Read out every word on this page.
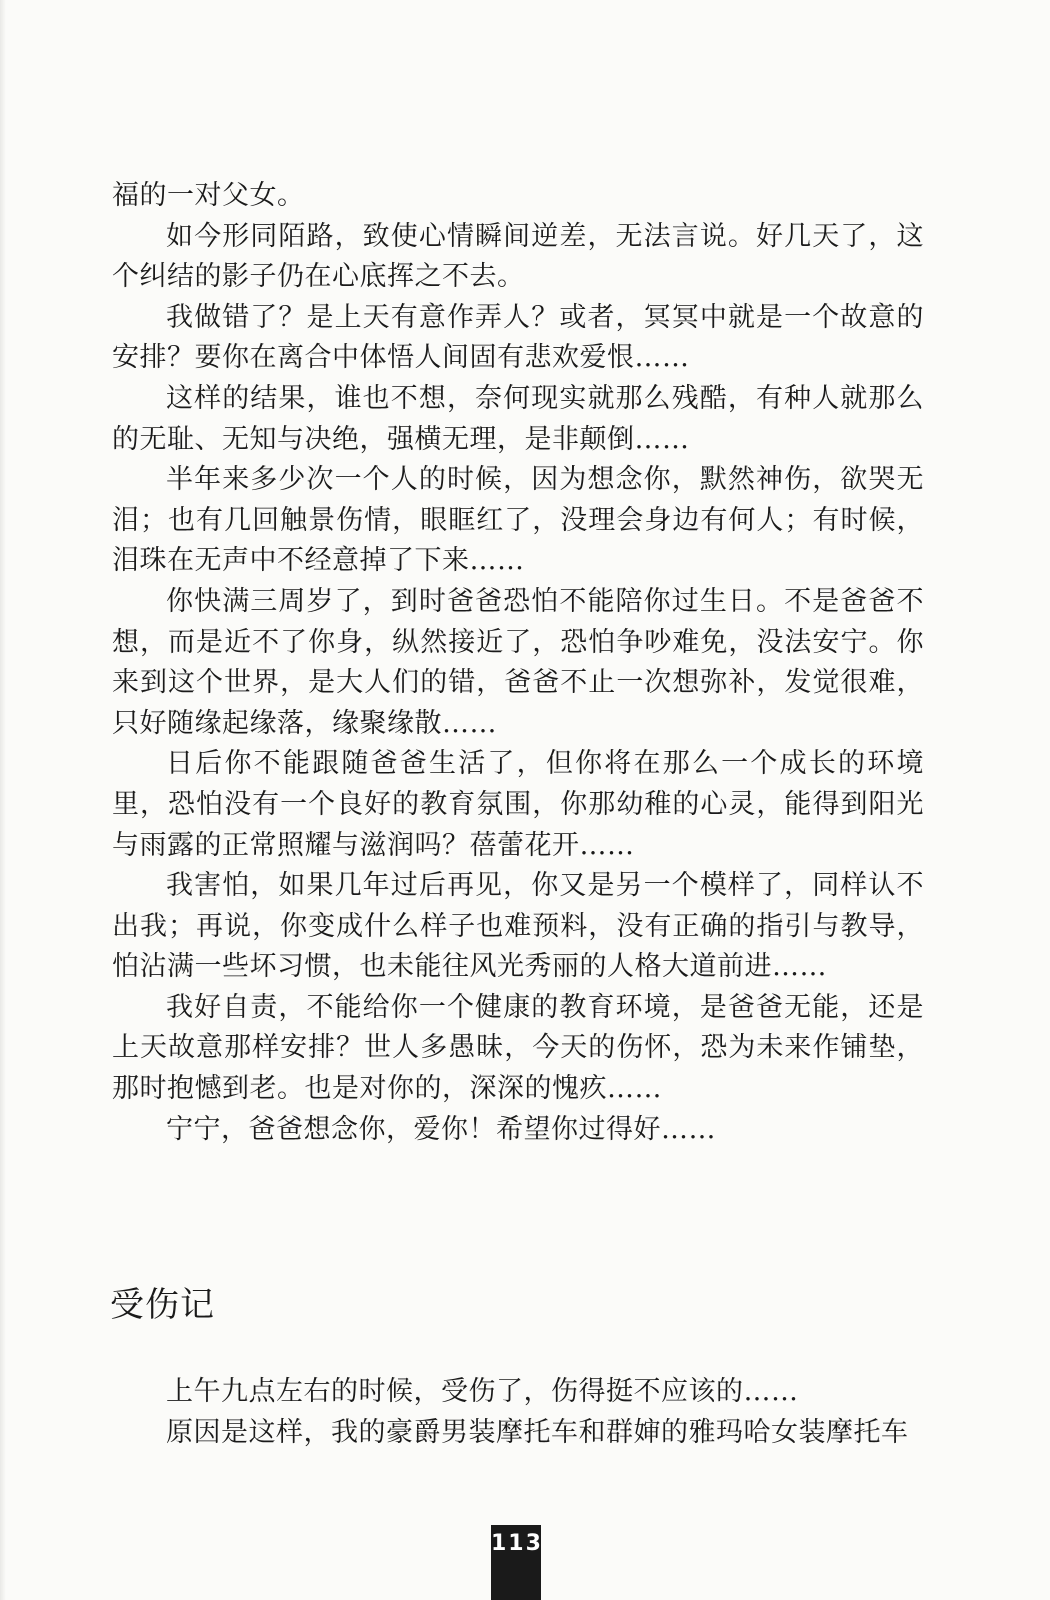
福的一对父女。

如今形同陌路，致使心情瞬间逆差，无法言说。好几天了，这个纠结的影子仍在心底挥之不去。

我做错了？是上天有意作弄人？或者，冥冥中就是一个故意的安排？要你在离合中体悟人间固有悲欢爱恨……

这样的结果，谁也不想，奈何现实就那么残酷，有种人就那么的无耻、无知与决绝，强横无理，是非颠倒……

半年来多少次一个人的时候，因为想念你，默然神伤，欲哭无泪；也有几回触景伤情，眼眶红了，没理会身边有何人；有时候，泪珠在无声中不经意掉了下来……

你快满三周岁了，到时爸爸恐怕不能陪你过生日。不是爸爸不想，而是近不了你身，纵然接近了，恐怕争吵难免，没法安宁。你来到这个世界，是大人们的错，爸爸不止一次想弥补，发觉很难，只好随缘起缘落，缘聚缘散……

日后你不能跟随爸爸生活了，但你将在那么一个成长的环境里，恐怕没有一个良好的教育氛围，你那幼稚的心灵，能得到阳光与雨露的正常照耀与滋润吗？蓓蕾花开……

我害怕，如果几年过后再见，你又是另一个模样了，同样认不出我；再说，你变成什么样子也难预料，没有正确的指引与教导，怕沾满一些坏习惯，也未能往风光秀丽的人格大道前进……

我好自责，不能给你一个健康的教育环境，是爸爸无能，还是上天故意那样安排？世人多愚昧，今天的伤怀，恐为未来作铺垫，那时抱憾到老。也是对你的，深深的愧疚……

宁宁，爸爸想念你，爱你！希望你过得好……

受伤记

上午九点左右的时候，受伤了，伤得挺不应该的……

原因是这样，我的豪爵男装摩托车和群婶的雅玛哈女装摩托车

113
